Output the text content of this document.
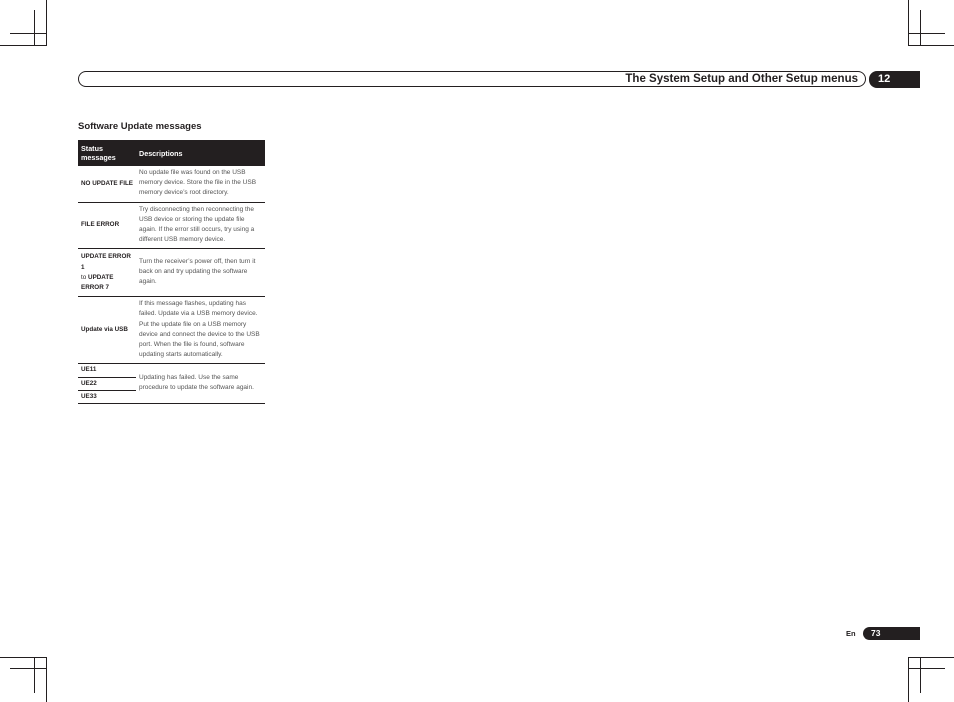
The System Setup and Other Setup menus	12
Software Update messages
Status messages	Descriptions
NO UPDATE FILE	No update file was found on the USB memory device. Store the file in the USB memory device’s root directory.
FILE ERROR	Try disconnecting then reconnecting the USB device or storing the update file again. If the error still occurs, try using a different USB memory device.
UPDATE ERROR 1
to UPDATE ERROR 7	Turn the receiver’s power off, then turn it back on and try updating the software again.
Update via USB	If this message flashes, updating has failed. Update via a USB memory device. Put the update file on a USB memory device and connect the device to the USB port. When the file is found, software updating starts automatically.
UE11	Updating has failed. Use the same procedure to update the software again.
UE22	
UE33	
En	73
